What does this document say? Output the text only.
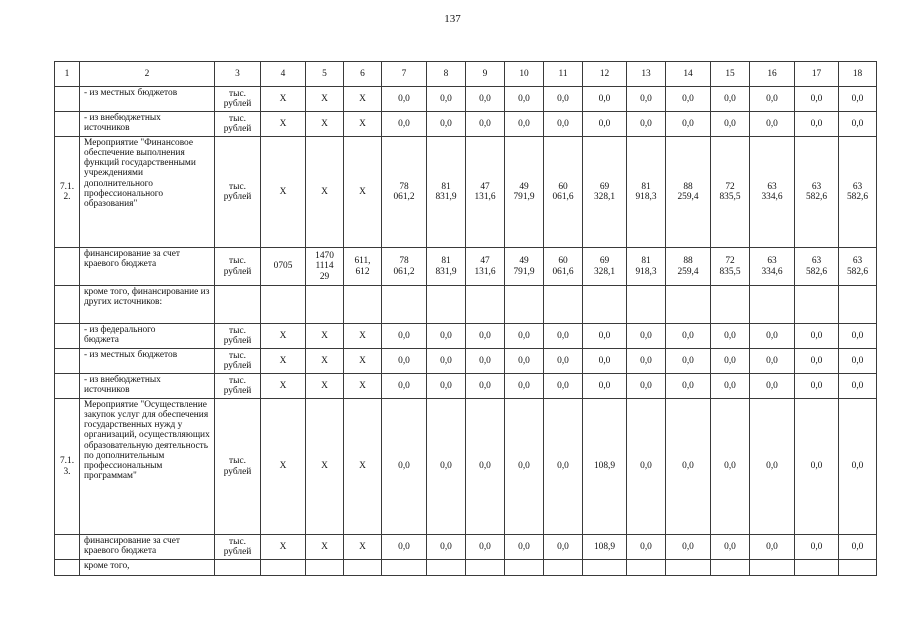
137
1	2	3	4	5	6	7	8	9	10	11	12	13	14	15	16	17	18
	- из местных бюджетов	тыс.
рублей	X	X	X	0,0	0,0	0,0	0,0	0,0	0,0	0,0	0,0	0,0	0,0	0,0	0,0
	- из внебюджетных
источников	тыс.
рублей	X	X	X	0,0	0,0	0,0	0,0	0,0	0,0	0,0	0,0	0,0	0,0	0,0	0,0
7.1.
2.	Мероприятие "Финансовое обеспечение выполнения функций государственными учреждениями дополнительного профессионального образования"	тыс.
рублей	X	X	X	78
061,2	81
831,9	47
131,6	49
791,9	60
061,6	69
328,1	81
918,3	88
259,4	72
835,5	63
334,6	63
582,6	63
582,6
	финансирование за счет краевого бюджета	тыс.
рублей	0705	1470
1114
29	611,
612	78
061,2	81
831,9	47
131,6	49
791,9	60
061,6	69
328,1	81
918,3	88
259,4	72
835,5	63
334,6	63
582,6	63
582,6
	кроме того, финансирование из других источников:																
	- из федерального
бюджета	тыс.
рублей	X	X	X	0,0	0,0	0,0	0,0	0,0	0,0	0,0	0,0	0,0	0,0	0,0	0,0
	- из местных бюджетов	тыс.
рублей	X	X	X	0,0	0,0	0,0	0,0	0,0	0,0	0,0	0,0	0,0	0,0	0,0	0,0
	- из внебюджетных
источников	тыс.
рублей	X	X	X	0,0	0,0	0,0	0,0	0,0	0,0	0,0	0,0	0,0	0,0	0,0	0,0
7.1.
3.	Мероприятие "Осуществление закупок услуг для обеспечения государственных нужд у организаций, осуществляющих образовательную деятельность по дополнительным профессиональным программам"	тыс.
рублей	X	X	X	0,0	0,0	0,0	0,0	0,0	108,9	0,0	0,0	0,0	0,0	0,0	0,0
	финансирование за счет краевого бюджета	тыс.
рублей	X	X	X	0,0	0,0	0,0	0,0	0,0	108,9	0,0	0,0	0,0	0,0	0,0	0,0
	кроме того,																
